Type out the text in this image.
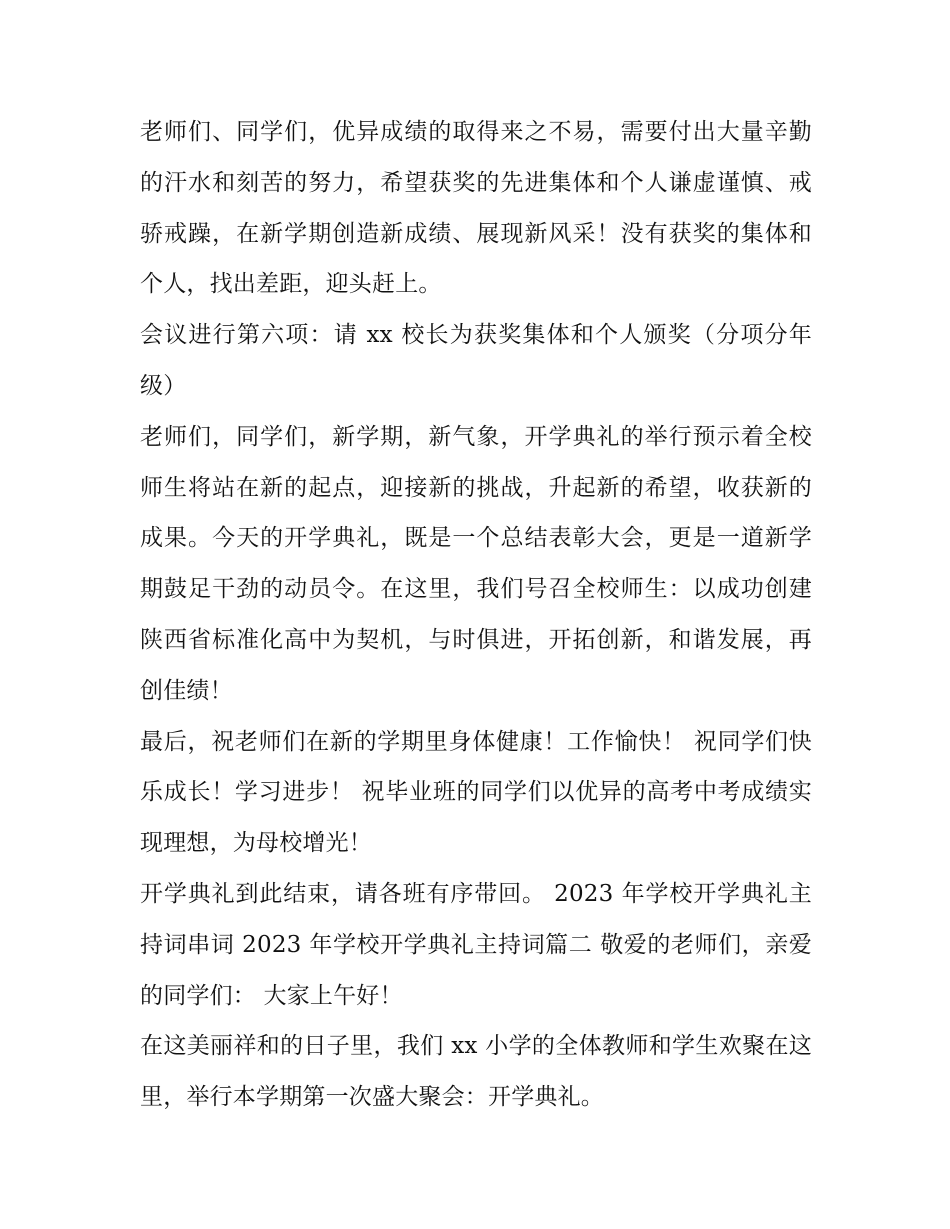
老师们、同学们，优异成绩的取得来之不易，需要付出大量辛勤的汗水和刻苦的努力，希望获奖的先进集体和个人谦虚谨慎、戒骄戒躁，在新学期创造新成绩、展现新风采！没有获奖的集体和个人，找出差距，迎头赶上。

会议进行第六项：请 xx 校长为获奖集体和个人颁奖（分项分年级）

老师们，同学们，新学期，新气象，开学典礼的举行预示着全校师生将站在新的起点，迎接新的挑战，升起新的希望，收获新的成果。今天的开学典礼，既是一个总结表彰大会，更是一道新学期鼓足干劲的动员令。在这里，我们号召全校师生：以成功创建陕西省标准化高中为契机，与时俱进，开拓创新，和谐发展，再创佳绩！

最后，祝老师们在新的学期里身体健康！工作愉快！ 祝同学们快乐成长！学习进步！ 祝毕业班的同学们以优异的高考中考成绩实现理想，为母校增光！

开学典礼到此结束，请各班有序带回。 2023 年学校开学典礼主持词串词 2023 年学校开学典礼主持词篇二 敬爱的老师们，亲爱的同学们： 大家上午好！

在这美丽祥和的日子里，我们 xx 小学的全体教师和学生欢聚在这里，举行本学期第一次盛大聚会：开学典礼。
